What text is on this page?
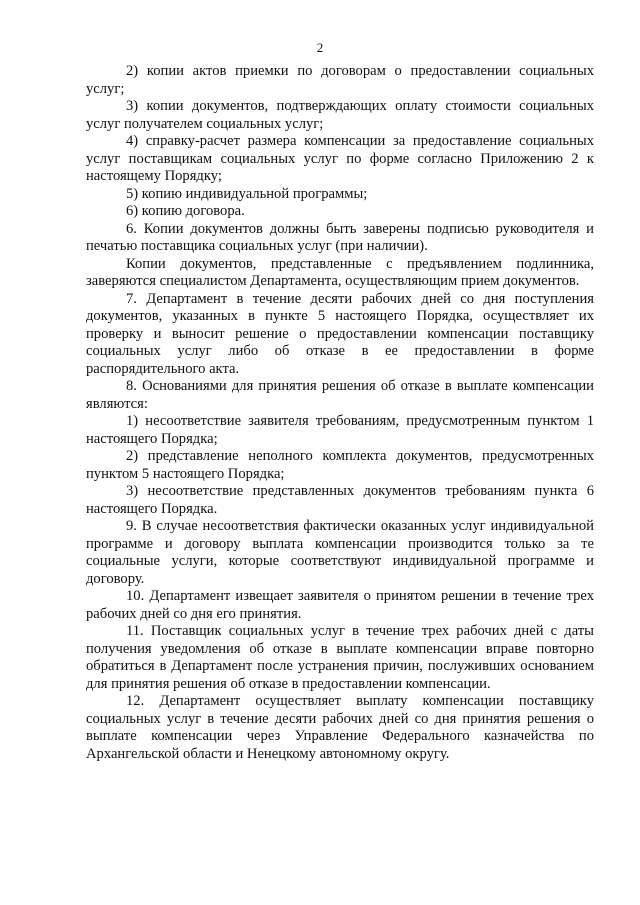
2

2) копии актов приемки по договорам о предоставлении социальных услуг;

3) копии документов, подтверждающих оплату стоимости социальных услуг получателем социальных услуг;

4) справку-расчет размера компенсации за предоставление социальных услуг поставщикам социальных услуг по форме согласно Приложению 2 к настоящему Порядку;

5) копию индивидуальной программы;

6) копию договора.

6. Копии документов должны быть заверены подписью руководителя и печатью поставщика социальных услуг (при наличии).

Копии документов, представленные с предъявлением подлинника, заверяются специалистом Департамента, осуществляющим прием документов.

7. Департамент в течение десяти рабочих дней со дня поступления документов, указанных в пункте 5 настоящего Порядка, осуществляет их проверку и выносит решение о предоставлении компенсации поставщику социальных услуг либо об отказе в ее предоставлении в форме распорядительного акта.

8. Основаниями для принятия решения об отказе в выплате компенсации являются:

1) несоответствие заявителя требованиям, предусмотренным пунктом 1 настоящего Порядка;

2) представление неполного комплекта документов, предусмотренных пунктом 5 настоящего Порядка;

3) несоответствие представленных документов требованиям пункта 6 настоящего Порядка.

9. В случае несоответствия фактически оказанных услуг индивидуальной программе и договору выплата компенсации производится только за те социальные услуги, которые соответствуют индивидуальной программе и договору.

10. Департамент извещает заявителя о принятом решении в течение трех рабочих дней со дня его принятия.

11. Поставщик социальных услуг в течение трех рабочих дней с даты получения уведомления об отказе в выплате компенсации вправе повторно обратиться в Департамент после устранения причин, послуживших основанием для принятия решения об отказе в предоставлении компенсации.

12. Департамент осуществляет выплату компенсации поставщику социальных услуг в течение десяти рабочих дней со дня принятия решения о выплате компенсации через Управление Федерального казначейства по Архангельской области и Ненецкому автономному округу.
